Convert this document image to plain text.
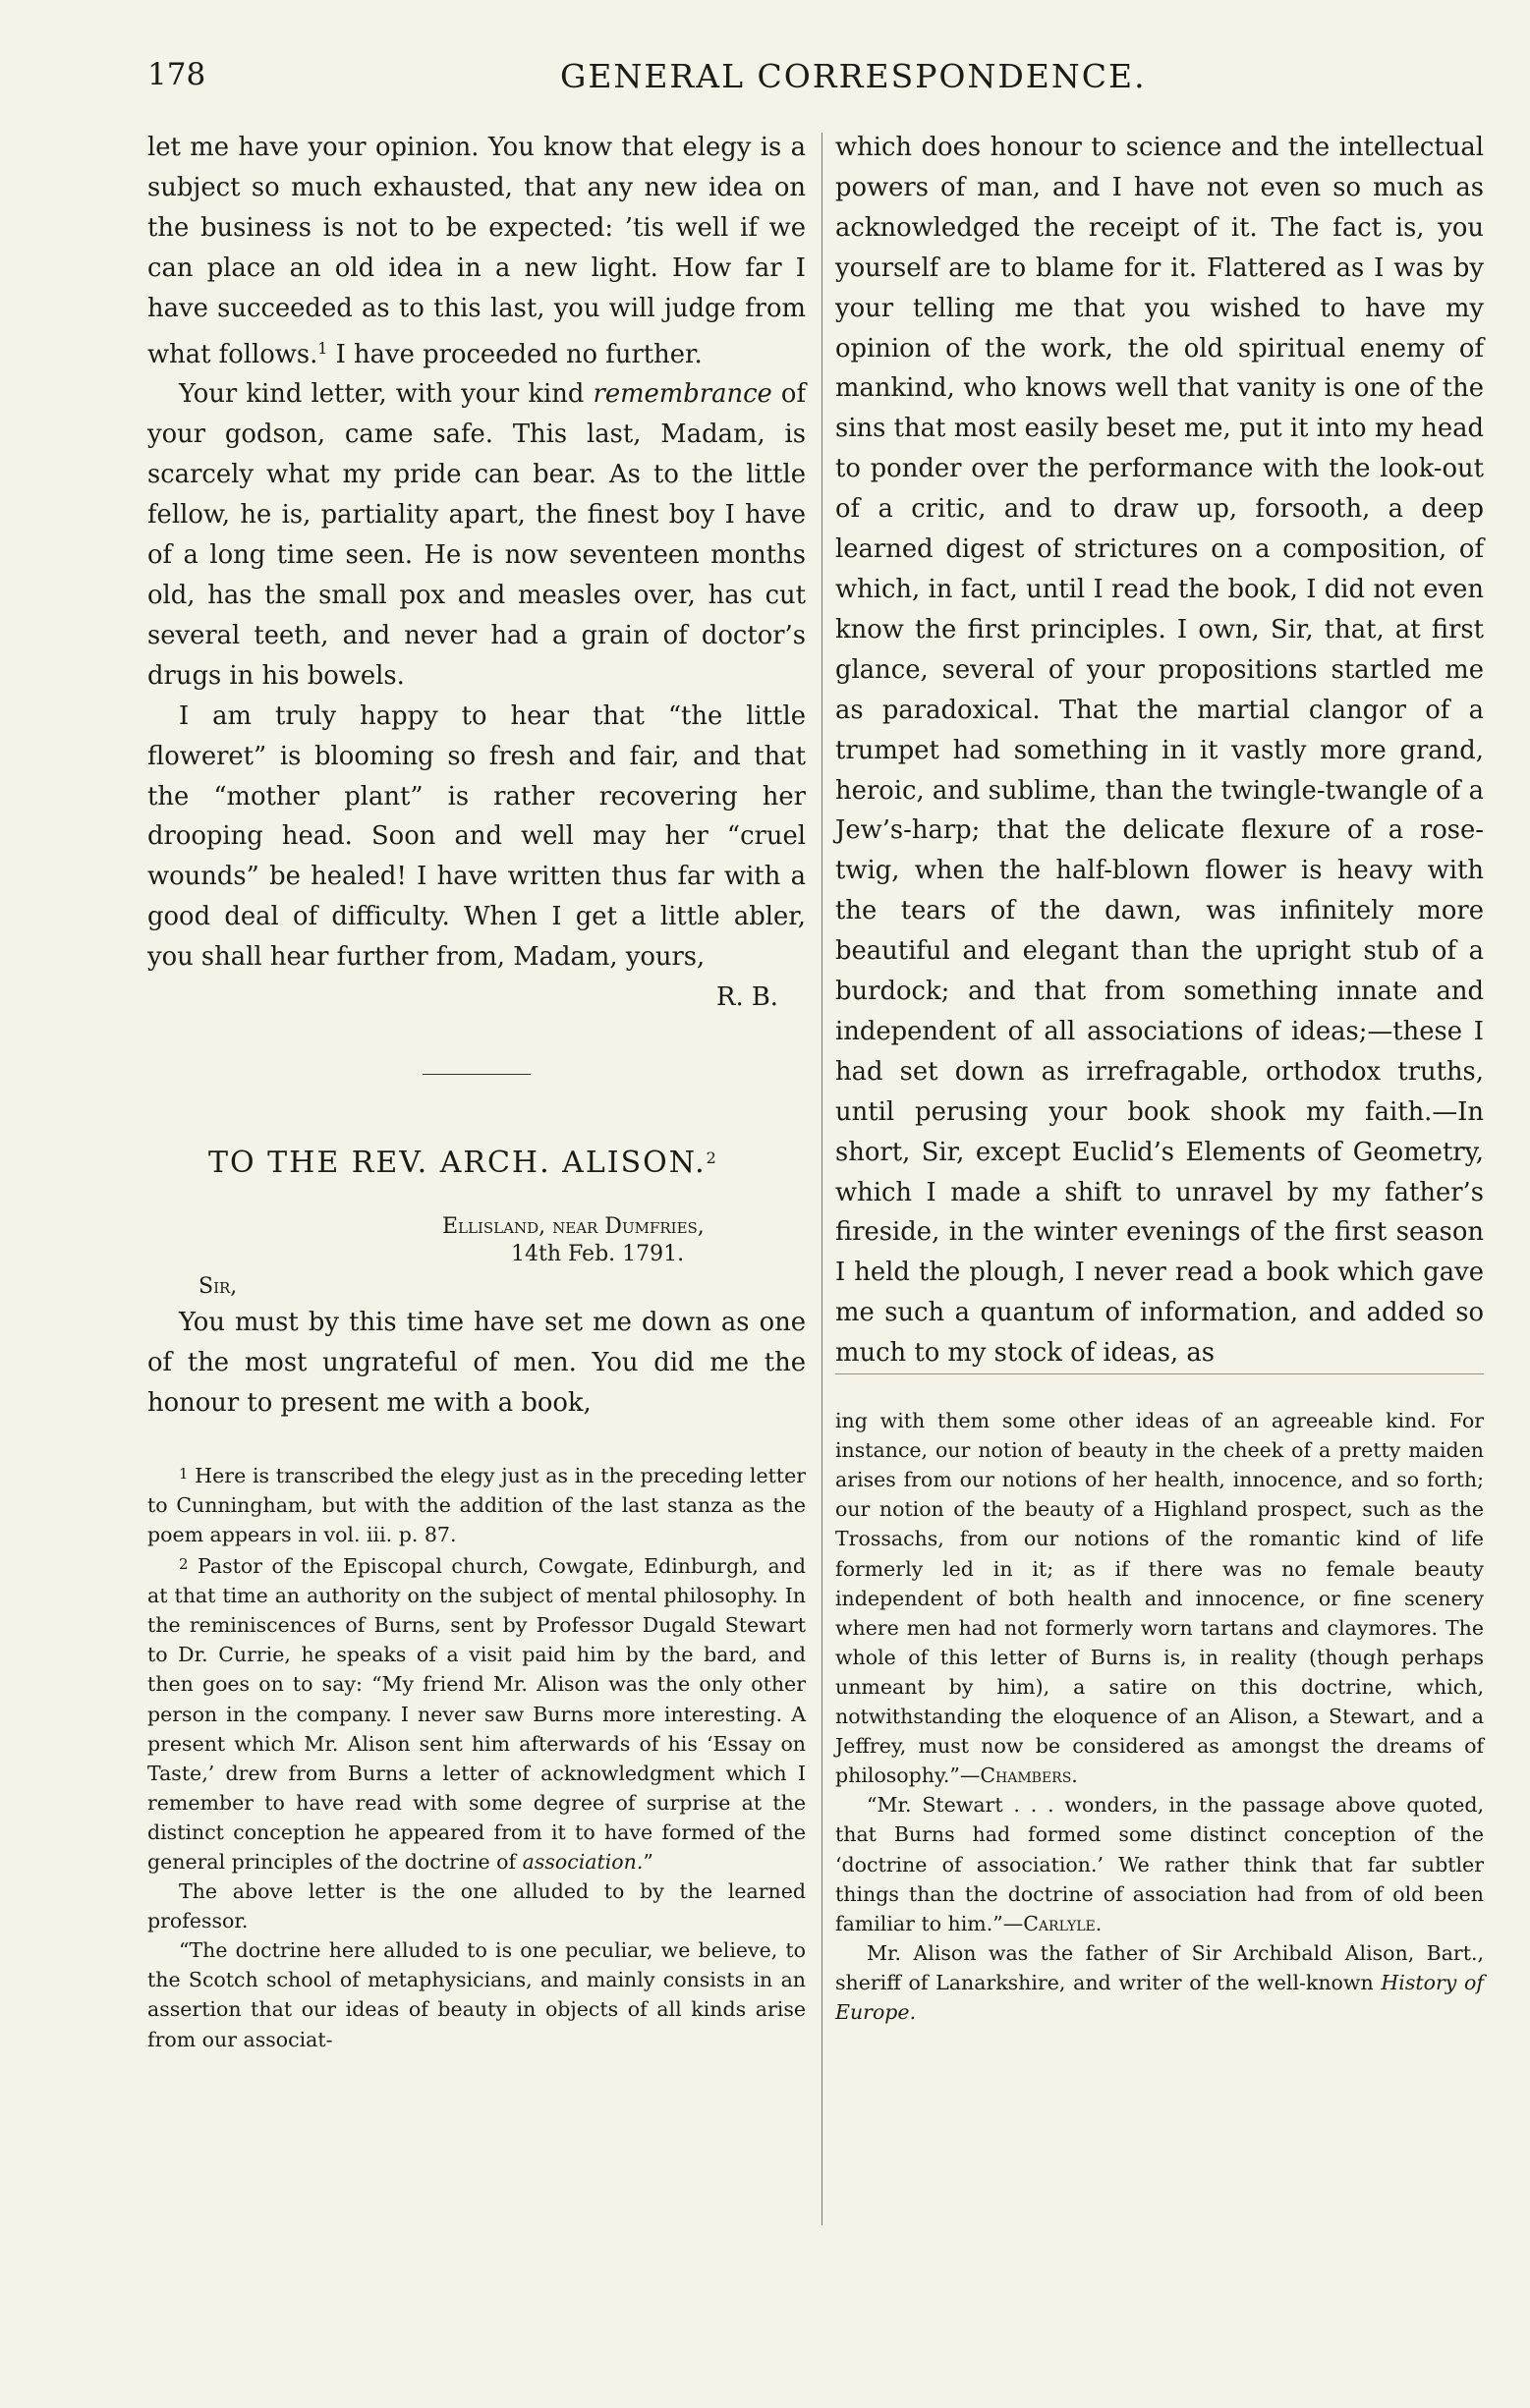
178	GENERAL CORRESPONDENCE.

let me have your opinion. You know that elegy is a subject so much exhausted, that any new idea on the business is not to be expected: ’tis well if we can place an old idea in a new light. How far I have succeeded as to this last, you will judge from what follows.$^1$ I have proceeded no further.

Your kind letter, with your kind remembrance of your godson, came safe. This last, Madam, is scarcely what my pride can bear. As to the little fellow, he is, partiality apart, the finest boy I have of a long time seen. He is now seventeen months old, has the small pox and measles over, has cut several teeth, and never had a grain of doctor’s drugs in his bowels.

I am truly happy to hear that “the little floweret” is blooming so fresh and fair, and that the “mother plant” is rather recovering her drooping head. Soon and well may her “cruel wounds” be healed! I have written thus far with a good deal of difficulty. When I get a little abler, you shall hear further from, Madam, yours,

R. B.

TO THE REV. ARCH. ALISON.$^2$

Ellisland, near Dumfries,
14th Feb. 1791.
Sir,

You must by this time have set me down as one of the most ungrateful of men. You did me the honour to present me with a book,

1 Here is transcribed the elegy just as in the preceding letter to Cunningham, but with the addition of the last stanza as the poem appears in vol. iii. p. 87.

2 Pastor of the Episcopal church, Cowgate, Edinburgh, and at that time an authority on the subject of mental philosophy. In the reminiscences of Burns, sent by Professor Dugald Stewart to Dr. Currie, he speaks of a visit paid him by the bard, and then goes on to say: “My friend Mr. Alison was the only other person in the company. I never saw Burns more interesting. A present which Mr. Alison sent him afterwards of his ‘Essay on Taste,’ drew from Burns a letter of acknowledgment which I remember to have read with some degree of surprise at the distinct conception he appeared from it to have formed of the general principles of the doctrine of association.”

The above letter is the one alluded to by the learned professor.

“The doctrine here alluded to is one peculiar, we believe, to the Scotch school of metaphysicians, and mainly consists in an assertion that our ideas of beauty in objects of all kinds arise from our associat-

which does honour to science and the intellectual powers of man, and I have not even so much as acknowledged the receipt of it. The fact is, you yourself are to blame for it. Flattered as I was by your telling me that you wished to have my opinion of the work, the old spiritual enemy of mankind, who knows well that vanity is one of the sins that most easily beset me, put it into my head to ponder over the performance with the look-out of a critic, and to draw up, forsooth, a deep learned digest of strictures on a composition, of which, in fact, until I read the book, I did not even know the first principles. I own, Sir, that, at first glance, several of your propositions startled me as paradoxical. That the martial clangor of a trumpet had something in it vastly more grand, heroic, and sublime, than the twingle-twangle of a Jew’s-harp; that the delicate flexure of a rose-twig, when the half-blown flower is heavy with the tears of the dawn, was infinitely more beautiful and elegant than the upright stub of a burdock; and that from something innate and independent of all associations of ideas;—these I had set down as irrefragable, orthodox truths, until perusing your book shook my faith.—In short, Sir, except Euclid’s Elements of Geometry, which I made a shift to unravel by my father’s fireside, in the winter evenings of the first season I held the plough, I never read a book which gave me such a quantum of information, and added so much to my stock of ideas, as

ing with them some other ideas of an agreeable kind. For instance, our notion of beauty in the cheek of a pretty maiden arises from our notions of her health, innocence, and so forth; our notion of the beauty of a Highland prospect, such as the Trossachs, from our notions of the romantic kind of life formerly led in it; as if there was no female beauty independent of both health and innocence, or fine scenery where men had not formerly worn tartans and claymores. The whole of this letter of Burns is, in reality (though perhaps unmeant by him), a satire on this doctrine, which, notwithstanding the eloquence of an Alison, a Stewart, and a Jeffrey, must now be considered as amongst the dreams of philosophy.”—Chambers.

“Mr. Stewart . . . wonders, in the passage above quoted, that Burns had formed some distinct conception of the ‘doctrine of association.’ We rather think that far subtler things than the doctrine of association had from of old been familiar to him.”—Carlyle.

Mr. Alison was the father of Sir Archibald Alison, Bart., sheriff of Lanarkshire, and writer of the well-known History of Europe.
